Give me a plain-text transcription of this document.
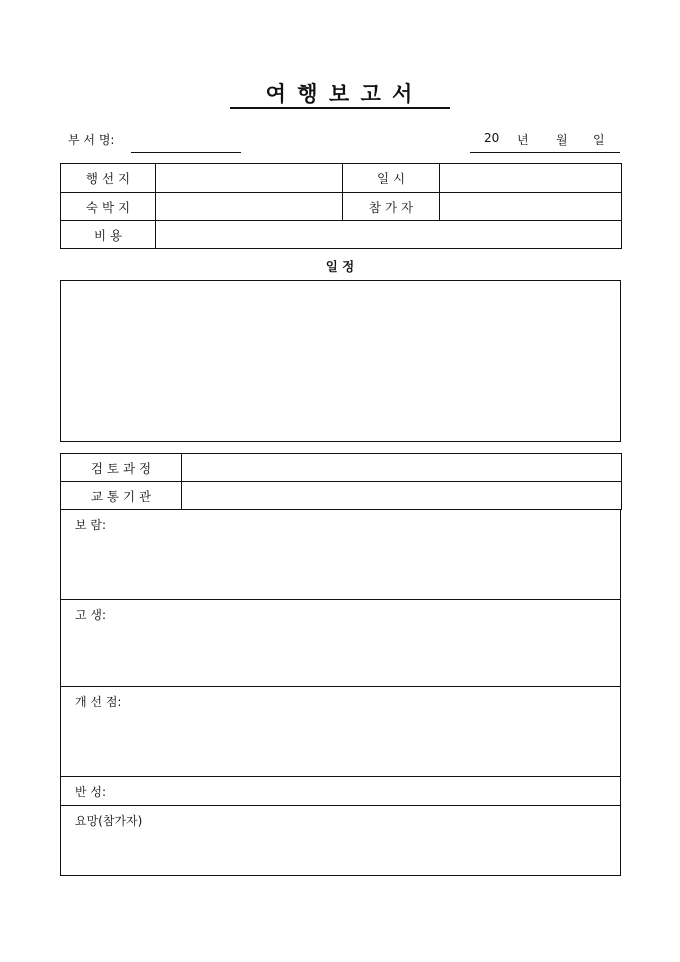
여 행 보 고 서
부 서 명:	20 년 월 일
행 선 지		일 시	
숙 박 지		참 가 자	
비 용			
일 정
검 토 과 정	
교 통 기 관	
보 람:
고 생:
개 선 점:
반 성:
요망(참가자)
